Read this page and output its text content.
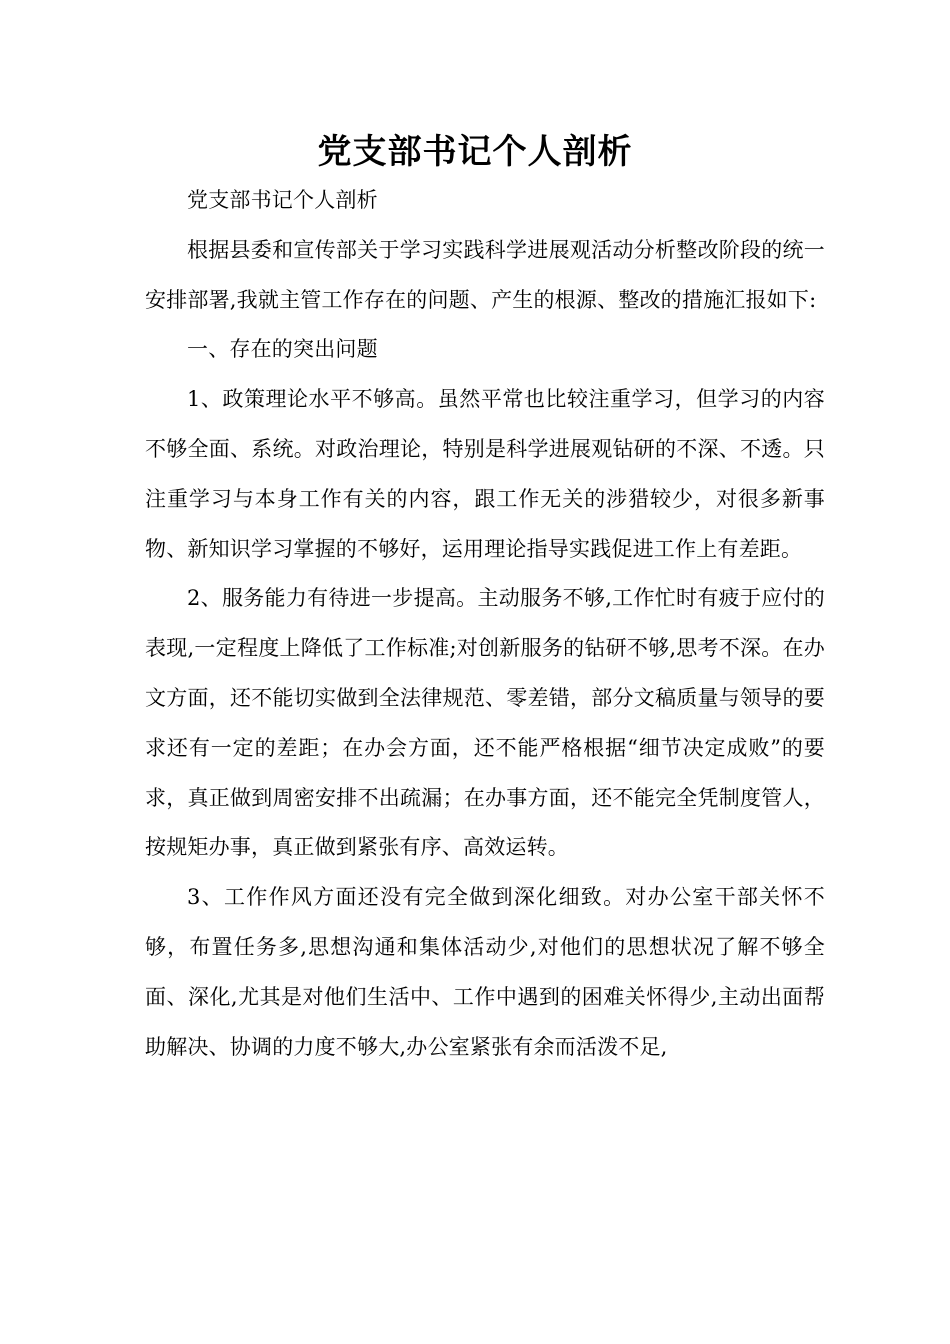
党支部书记个人剖析

党支部书记个人剖析

根据县委和宣传部关于学习实践科学进展观活动分析整改阶段的统一安排部署,我就主管工作存在的问题、产生的根源、整改的措施汇报如下:

一、存在的突出问题

1、政策理论水平不够高。虽然平常也比较注重学习，但学习的内容不够全面、系统。对政治理论，特别是科学进展观钻研的不深、不透。只注重学习与本身工作有关的内容，跟工作无关的涉猎较少，对很多新事物、新知识学习掌握的不够好，运用理论指导实践促进工作上有差距。

2、服务能力有待进一步提高。主动服务不够,工作忙时有疲于应付的表现,一定程度上降低了工作标准;对创新服务的钻研不够,思考不深。在办文方面，还不能切实做到全法律规范、零差错，部分文稿质量与领导的要求还有一定的差距；在办会方面，还不能严格根据“细节决定成败”的要求，真正做到周密安排不出疏漏；在办事方面，还不能完全凭制度管人，按规矩办事，真正做到紧张有序、高效运转。

3、工作作风方面还没有完全做到深化细致。对办公室干部关怀不够，布置任务多,思想沟通和集体活动少,对他们的思想状况了解不够全面、深化,尤其是对他们生活中、工作中遇到的困难关怀得少,主动出面帮助解决、协调的力度不够大,办公室紧张有余而活泼不足,
